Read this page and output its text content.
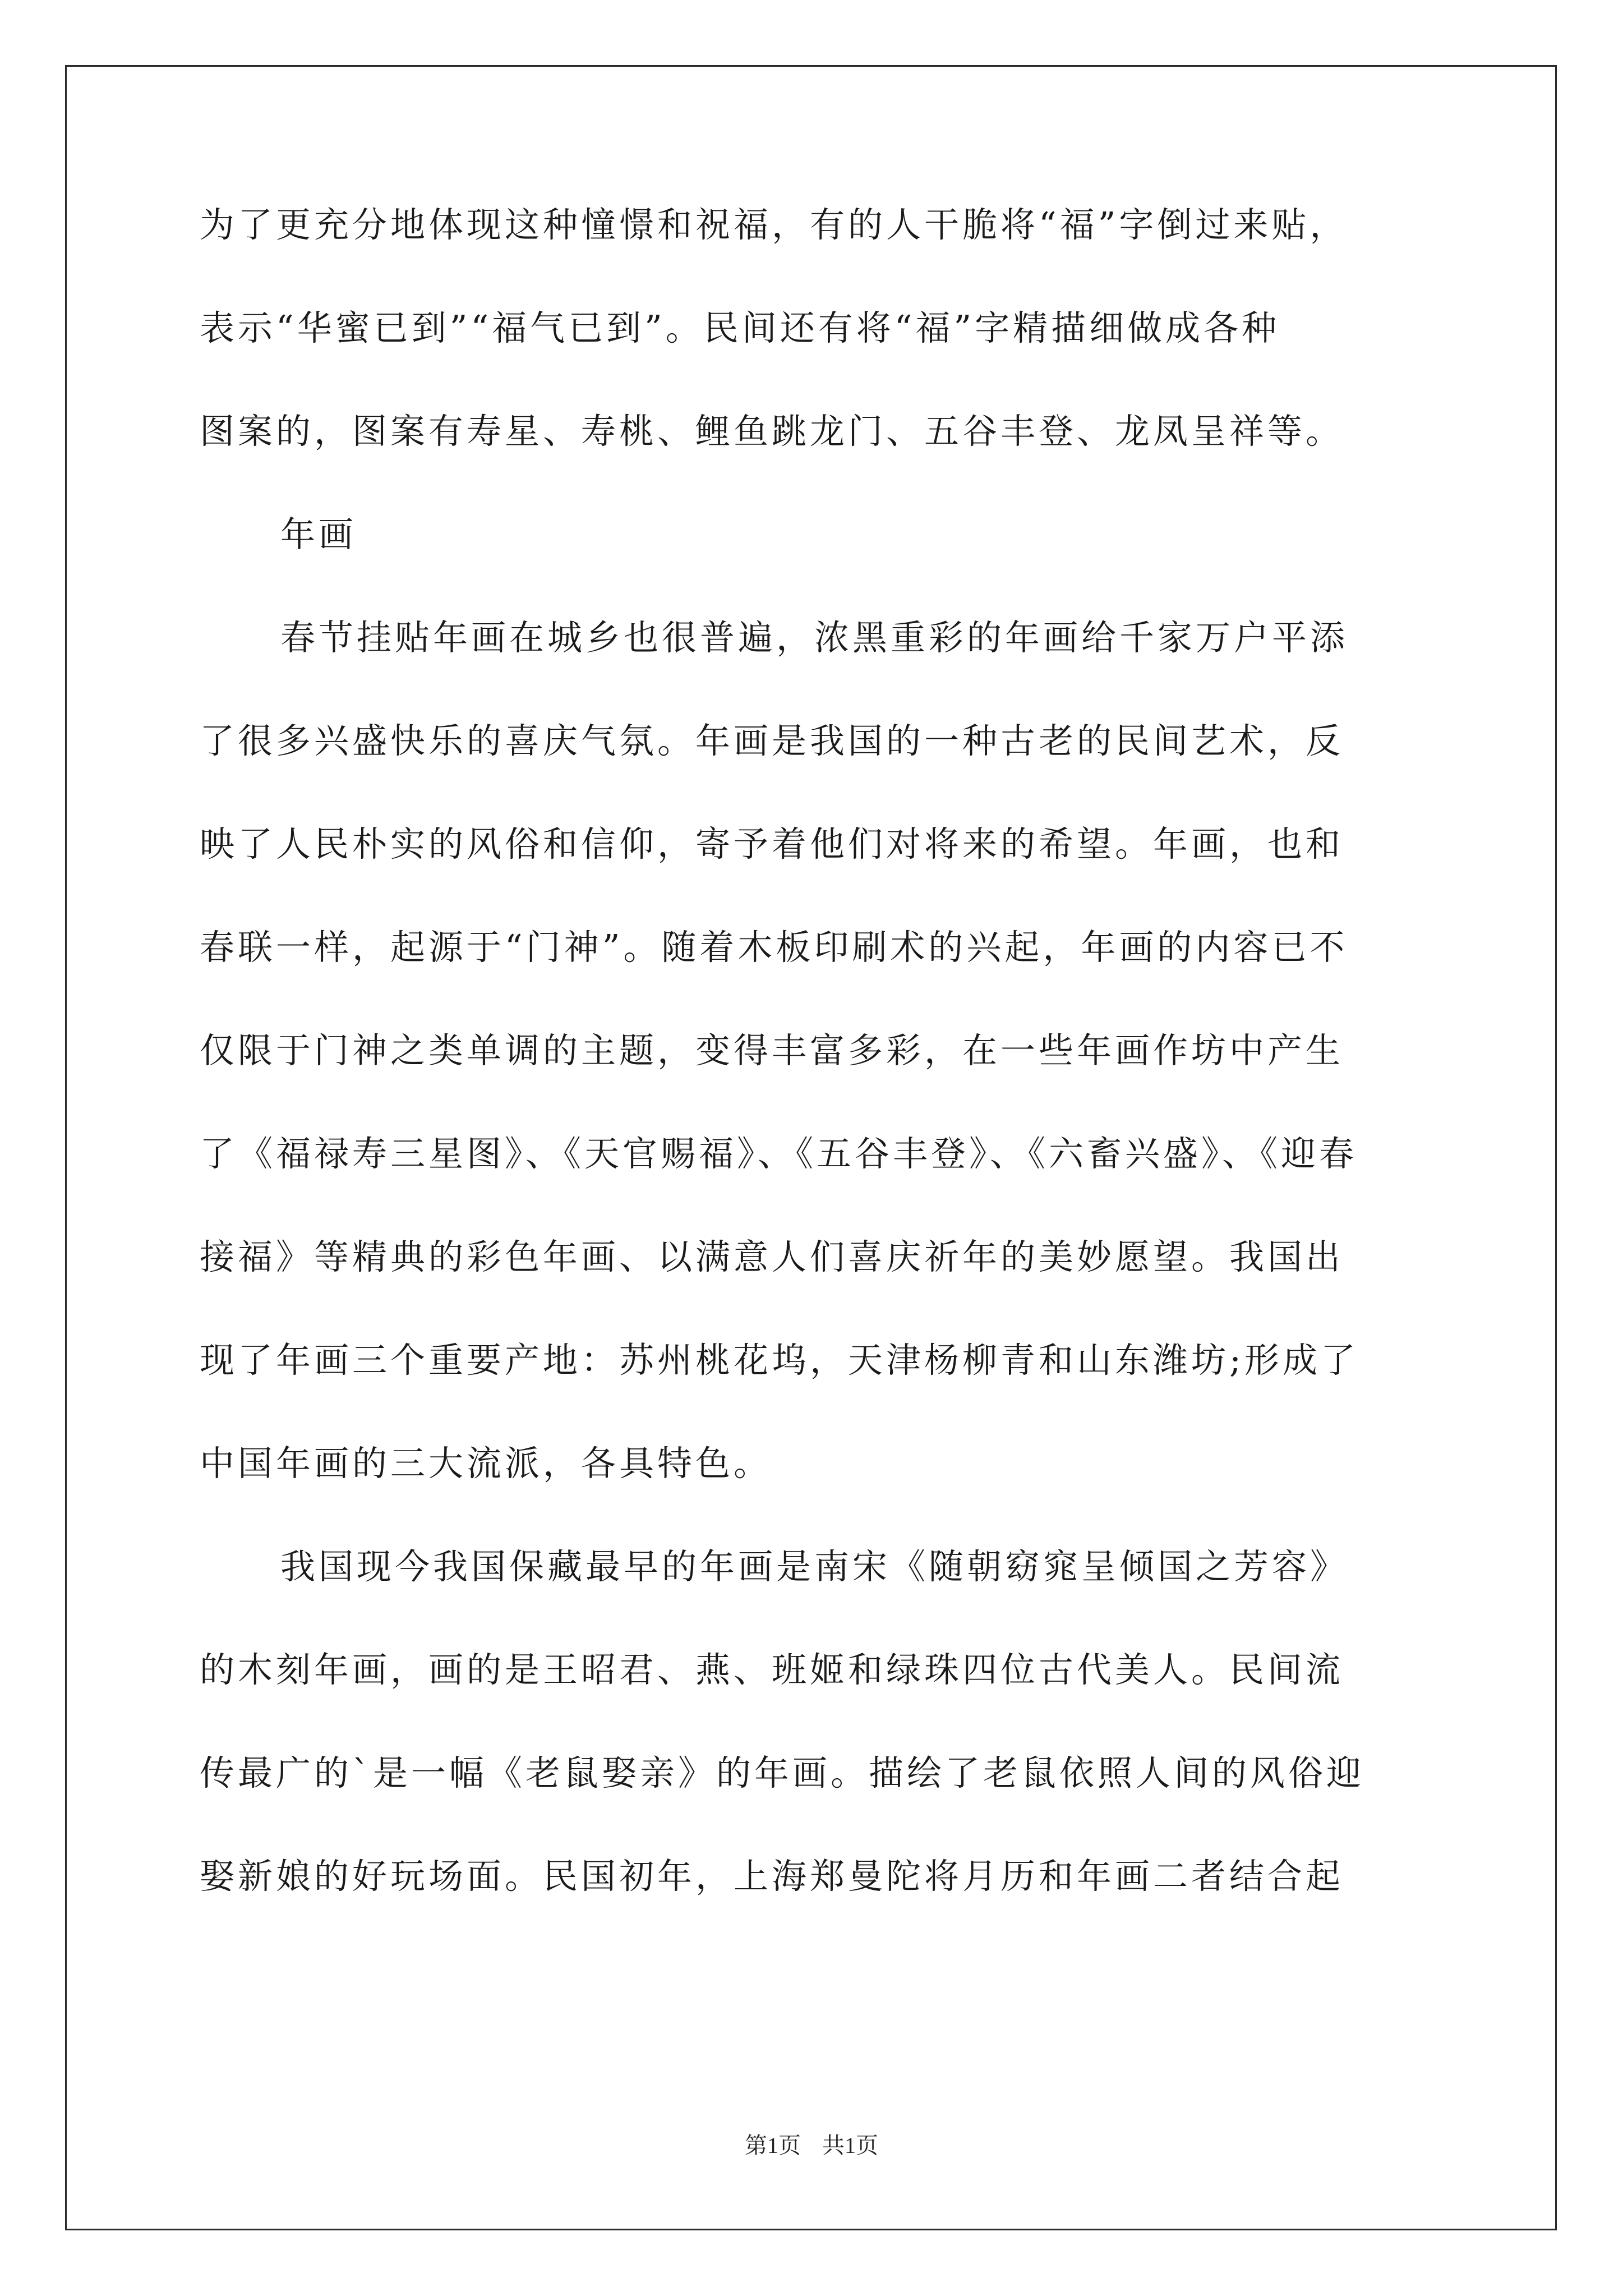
为了更充分地体现这种憧憬和祝福，有的人干脆将“福”字倒过来贴，
表示“华蜜已到”“福气已到”。民间还有将“福”字精描细做成各种
图案的，图案有寿星、寿桃、鲤鱼跳龙门、五谷丰登、龙凤呈祥等。
年画
春节挂贴年画在城乡也很普遍，浓黑重彩的年画给千家万户平添
了很多兴盛快乐的喜庆气氛。年画是我国的一种古老的民间艺术，反
映了人民朴实的风俗和信仰，寄予着他们对将来的希望。年画，也和
春联一样，起源于“门神”。随着木板印刷术的兴起，年画的内容已不
仅限于门神之类单调的主题，变得丰富多彩，在一些年画作坊中产生
了《福禄寿三星图》、《天官赐福》、《五谷丰登》、《六畜兴盛》、《迎春
接福》等精典的彩色年画、以满意人们喜庆祈年的美妙愿望。我国出
现了年画三个重要产地：苏州桃花坞，天津杨柳青和山东潍坊;形成了
中国年画的三大流派，各具特色。
我国现今我国保藏最早的年画是南宋《随朝窈窕呈倾国之芳容》
的木刻年画，画的是王昭君、燕、班姬和绿珠四位古代美人。民间流
传最广的`是一幅《老鼠娶亲》的年画。描绘了老鼠依照人间的风俗迎
娶新娘的好玩场面。民国初年，上海郑曼陀将月历和年画二者结合起
第1页 共1页
